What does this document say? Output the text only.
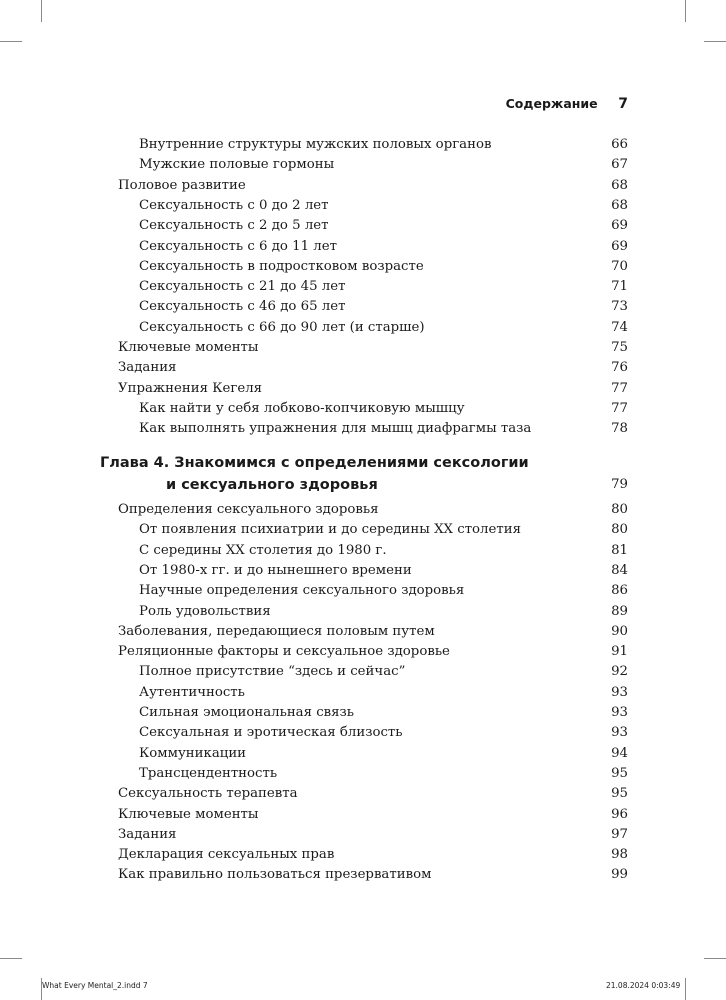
Содержание 7
Внутренние структуры мужских половых органов	66
Мужские половые гормоны	67
Половое развитие	68
Сексуальность с 0 до 2 лет	68
Сексуальность с 2 до 5 лет	69
Сексуальность с 6 до 11 лет	69
Сексуальность в подростковом возрасте	70
Сексуальность с 21 до 45 лет	71
Сексуальность с 46 до 65 лет	73
Сексуальность с 66 до 90 лет (и старше)	74
Ключевые моменты	75
Задания	76
Упражнения Кегеля	77
Как найти у себя лобково-копчиковую мышцу	77
Как выполнять упражнения для мышц диафрагмы таза	78
Глава 4. Знакомимся с определениями сексологии
и сексуального здоровья	79
Определения сексуального здоровья	80
От появления психиатрии и до середины XX столетия	80
С середины XX столетия до 1980 г.	81
От 1980-х гг. и до нынешнего времени	84
Научные определения сексуального здоровья	86
Роль удовольствия	89
Заболевания, передающиеся половым путем	90
Реляционные факторы и сексуальное здоровье	91
Полное присутствие “здесь и сейчас”	92
Аутентичность	93
Сильная эмоциональная связь	93
Сексуальная и эротическая близость	93
Коммуникации	94
Трансцендентность	95
Сексуальность терапевта	95
Ключевые моменты	96
Задания	97
Декларация сексуальных прав	98
Как правильно пользоваться презервативом	99
What Every Mental_2.indd 7	21.08.2024 0:03:49
